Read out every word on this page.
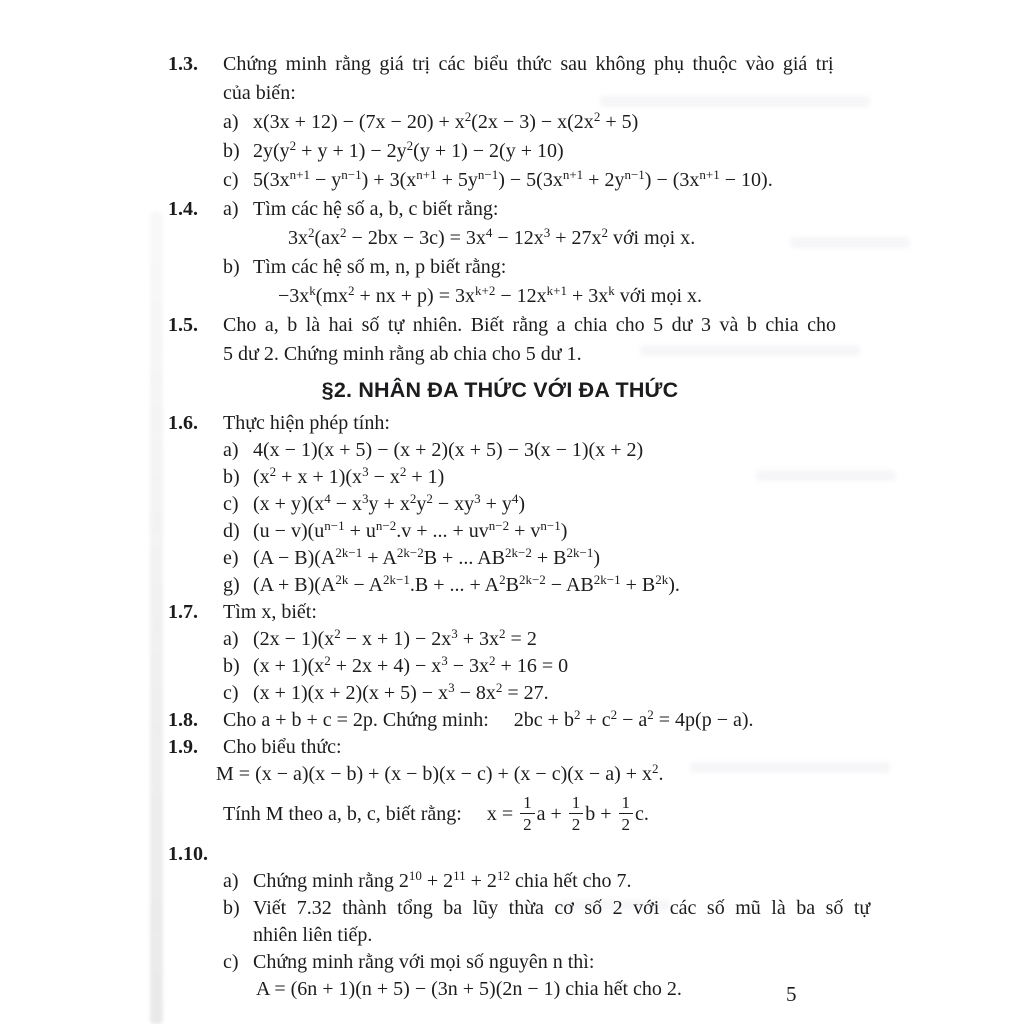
1.3. Chứng minh rằng giá trị các biểu thức sau không phụ thuộc vào giá trị
của biến:
a) $x(3x + 12) - (7x - 20) + x^2(2x - 3) - x(2x^2 + 5)$
b) $2y(y^2 + y + 1) - 2y^2(y + 1) - 2(y + 10)$
c) $5(3x^{n+1} - y^{n-1}) + 3(x^{n+1} + 5y^{n-1}) - 5(3x^{n+1} + 2y^{n-1}) - (3x^{n+1} - 10)$.
1.4. a) Tìm các hệ số a, b, c biết rằng:
$3x^2(ax^2 - 2bx - 3c) = 3x^4 - 12x^3 + 27x^2$ với mọi x.
b) Tìm các hệ số m, n, p biết rằng:
$-3x^k(mx^2$ + nx + $p) = 3x^{k+2} - 12x^{k+1} + 3x^k$ với mọi x.
1.5. Cho a, b là hai số tự nhiên. Biết rằng a chia cho 5 dư 3 và b chia cho
5 dư 2. Chứng minh rằng ab chia cho 5 dư 1.
§2. NHÂN ĐA THỨC VỚI ĐA THỨC
1.6. Thực hiện phép tính:
a) 4(x − 1)(x + 5) − (x + 2)(x + 5) − 3(x − 1)(x + 2)
b) $(x^2 + x + 1)(x^3 - x^2 + 1)$
c) $(x + y)(x^4 - x^3y + x^2y^2 - xy^3 + y^4)$
d) $(u - v)(u^{n-1} + u^{n-2}.v$ + ... + $uv^{n-2} + v^{n-1}$)
e) $(A - B)(A^{2k-1} + A^{2k-2}B$ + ... $AB^{2k-2} + B^{2k-1}$)
g) $(A + B)(A^{2k} - A^{2k-1}.B$ + ... + $A^2B^{2k-2} - AB^{2k-1} + B^{2k}$).
1.7. Tìm x, biết:
a) $(2x - 1)(x^2 - x + 1) - 2x^3 + 3x^2 = 2$
b) $(x + 1)(x^2 + 2x + 4) - x^3 - 3x^2 + 16 = 0$
c) $(x + 1)(x + 2)(x + 5) - x^3 - 8x^2 = 27$.
1.8. Cho a + b + c = 2p. Chứng minh:  $2bc + b^2 + c^2 - a^2 = 4p(p - a)$.
1.9. Cho biểu thức:
$M = (x - a)(x - b) + (x - b)(x - c) + (x - c)(x - a) + x^2$.
Tính M theo a, b, c, biết rằng:  $x = \frac{1}{2}$ $a + \frac{1}{2}$ $b + \frac{1}{2} c$.
1.10.
a) Chứng minh rằng $2^{10} + 2^{11} + 2^{12}$ chia hết cho 7.
b) Viết 7.32 thành tổng ba lũy thừa cơ số 2 với các số mũ là ba số tự
nhiên liên tiếp.
c) Chứng minh rằng với mọi số nguyên n thì:
A = (6n + 1)(n + 5) − (3n + 5)(2n − 1) chia hết cho 2.	5
